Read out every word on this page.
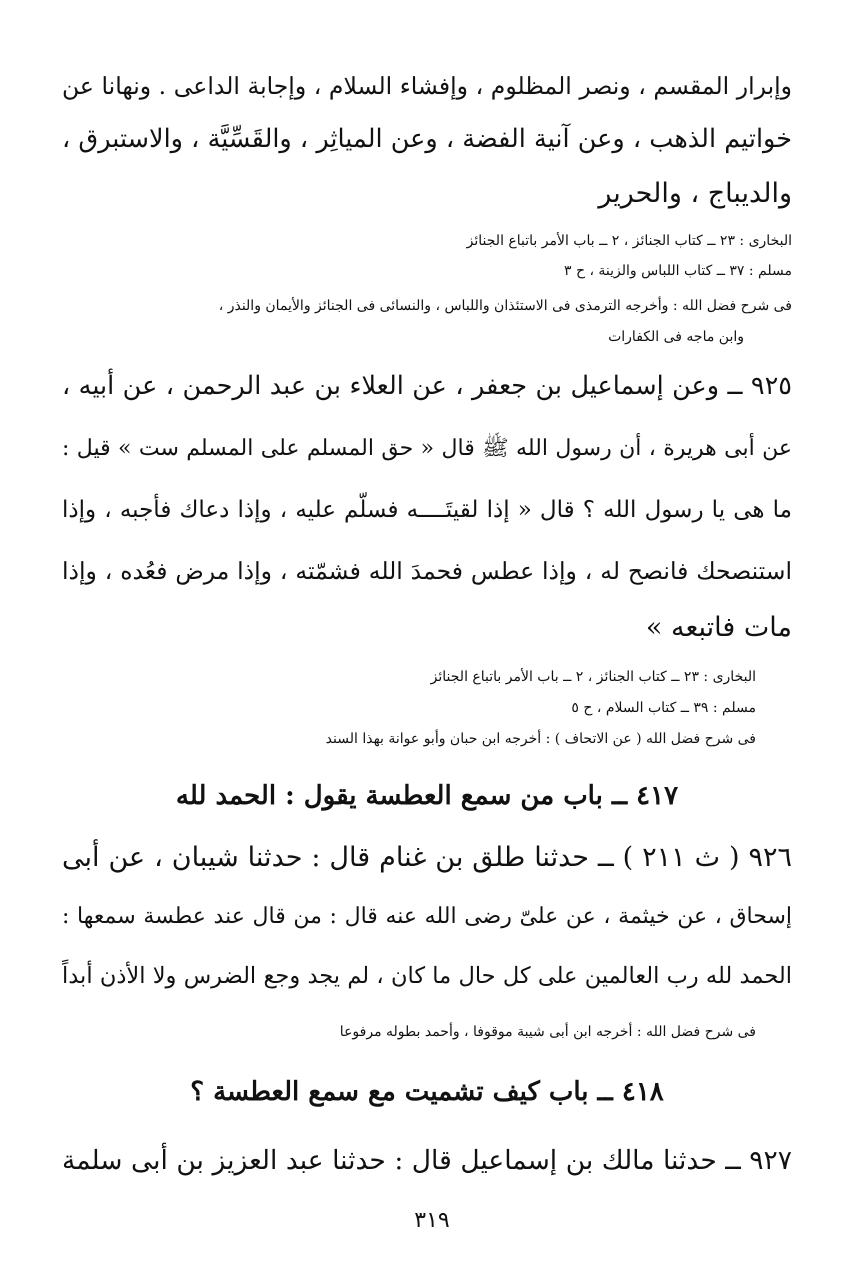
وإبرار المقسم ، ونصر المظلوم ، وإفشاء السلام ، وإجابة الداعى . ونهانا عن
خواتيم الذهب ، وعن آنية الفضة ، وعن المياثِر ، والقَسِّيَّة ، والاستبرق ،
والديباج ، والحرير
البخارى : ٢٣ ــ كتاب الجنائز ، ٢ ــ باب الأمر باتباع الجنائز
مسلم : ٣٧ ــ كتاب اللباس والزينة ، ح ٣
فى شرح فضل الله : وأخرجه الترمذى فى الاستئذان واللباس ، والنسائى فى الجنائز والأيمان والنذر ،
وابن ماجه فى الكفارات
٩٢٥ ــ وعن إسماعيل بن جعفر ، عن العلاء بن عبد الرحمن ، عن أبيه ،
عن أبى هريرة ، أن رسول الله ﷺ قال « حق المسلم على المسلم ست » قيل :
ما هى يا رسول الله ؟ قال « إذا لقيتَــــه فسلّم عليه ، وإذا دعاك فأجبه ، وإذا
استنصحك فانصح له ، وإذا عطس فحمدَ الله فشمّته ، وإذا مرض فعُده ، وإذا
مات فاتبعه »
البخارى : ٢٣ ــ كتاب الجنائز ، ٢ ــ باب الأمر باتباع الجنائز
مسلم : ٣٩ ــ كتاب السلام ، ح ٥
فى شرح فضل الله ( عن الاتحاف ) : أخرجه ابن حبان وأبو عوانة بهذا السند
٤١٧ ــ باب من سمع العطسة يقول : الحمد لله
٩٢٦ ( ث ٢١١ ) ــ حدثنا طلق بن غنام قال : حدثنا شيبان ، عن أبى
إسحاق ، عن خيثمة ، عن علىّ رضى الله عنه قال : من قال عند عطسة سمعها :
الحمد لله رب العالمين على كل حال ما كان ، لم يجد وجع الضرس ولا الأذن أبداً
فى شرح فضل الله : أخرجه ابن أبى شيبة موقوفا ، وأحمد بطوله مرفوعا
٤١٨ ــ باب كيف تشميت مع سمع العطسة ؟
٩٢٧ ــ حدثنا مالك بن إسماعيل قال : حدثنا عبد العزيز بن أبى سلمة
٣١٩
